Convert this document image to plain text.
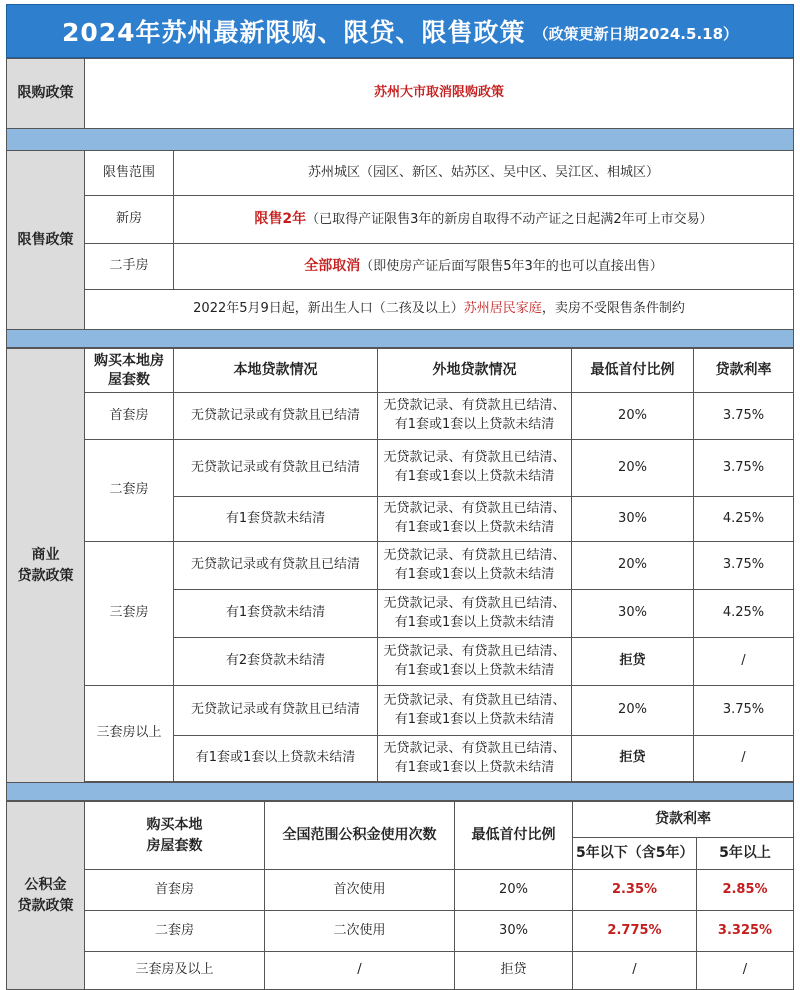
2024年苏州最新限购、限贷、限售政策 （政策更新日期2024.5.18）
限购政策	苏州大市取消限购政策	

限售政策	限售范围	苏州城区（园区、新区、姑苏区、吴中区、吴江区、相城区）
	新房	限售2年（已取得产证限售3年的新房自取得不动产证之日起满2年可上市交易）
	二手房	全部取消（即使房产证后面写限售5年3年的也可以直接出售）
	2022年5月9日起，新出生人口（二孩及以上）苏州居民家庭，卖房不受限售条件制约	

商业
贷款政策	购买本地房屋套数	本地贷款情况	外地贷款情况	最低首付比例	贷款利率
	首套房	无贷款记录或有贷款且已结清	无贷款记录、有贷款且已结清、
有1套或1套以上贷款未结清	20%	3.75%
	二套房	无贷款记录或有贷款且已结清	无贷款记录、有贷款且已结清、
有1套或1套以上贷款未结清	20%	3.75%
		有1套贷款未结清	无贷款记录、有贷款且已结清、
有1套或1套以上贷款未结清	30%	4.25%
	三套房	无贷款记录或有贷款且已结清	无贷款记录、有贷款且已结清、
有1套或1套以上贷款未结清	20%	3.75%
		有1套贷款未结清	无贷款记录、有贷款且已结清、
有1套或1套以上贷款未结清	30%	4.25%
		有2套贷款未结清	无贷款记录、有贷款且已结清、
有1套或1套以上贷款未结清	拒贷	/
	三套房以上	无贷款记录或有贷款且已结清	无贷款记录、有贷款且已结清、
有1套或1套以上贷款未结清	20%	3.75%
		有1套或1套以上贷款未结清	无贷款记录、有贷款且已结清、
有1套或1套以上贷款未结清	拒贷	/

公积金
贷款政策	购买本地
房屋套数	全国范围公积金使用次数	最低首付比例	贷款利率	
				5年以下（含5年）	5年以上
	首套房	首次使用	20%	2.35%	2.85%
	二套房	二次使用	30%	2.775%	3.325%
	三套房及以上	/	拒贷	/	/
